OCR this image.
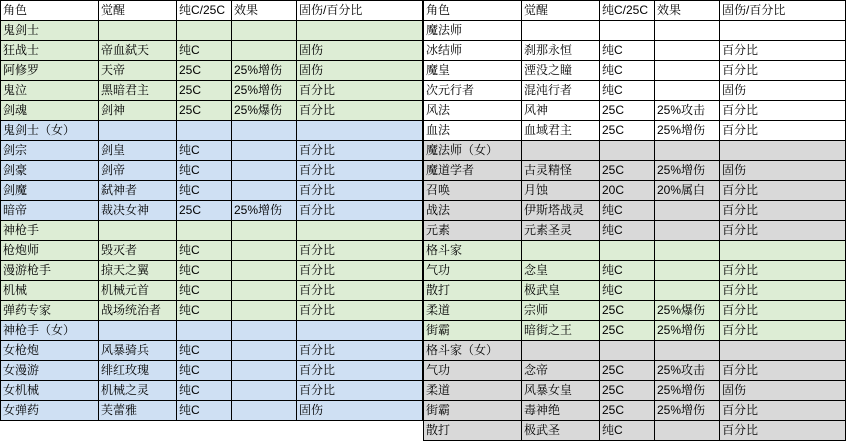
角色	觉醒	纯C/25C	效果	固伤/百分比
鬼剑士				
狂战士	帝血弑天	纯C		固伤
阿修罗	天帝	25C	25%增伤	固伤
鬼泣	黑暗君主	25C	25%增伤	百分比
剑魂	剑神	25C	25%爆伤	百分比
鬼剑士（女）				
剑宗	剑皇	纯C		百分比
剑豪	剑帝	纯C		百分比
剑魔	弑神者	纯C		百分比
暗帝	裁决女神	25C	25%增伤	百分比
神枪手				
枪炮师	毁灭者	纯C		百分比
漫游枪手	掠天之翼	纯C		百分比
机械	机械元首	纯C		百分比
弹药专家	战场统治者	纯C		百分比
神枪手（女）				
女枪炮	风暴骑兵	纯C		百分比
女漫游	绯红玫瑰	纯C		百分比
女机械	机械之灵	纯C		百分比
女弹药	芙蕾雅	纯C		固伤
角色	觉醒	纯C/25C	效果	固伤/百分比
魔法师				
冰结师	刹那永恒	纯C		百分比
魔皇	湮没之瞳	纯C		百分比
次元行者	混沌行者	纯C		固伤
风法	风神	25C	25%攻击	百分比
血法	血域君主	25C	25%增伤	百分比
魔法师（女）				
魔道学者	古灵精怪	25C	25%增伤	固伤
召唤	月蚀	20C	20%属白	百分比
战法	伊斯塔战灵	纯C		百分比
元素	元素圣灵	纯C		百分比
格斗家				
气功	念皇	纯C		百分比
散打	极武皇	纯C		百分比
柔道	宗师	25C	25%爆伤	百分比
街霸	暗街之王	25C	25%增伤	百分比
格斗家（女）				
气功	念帝	25C	25%攻击	百分比
柔道	风暴女皇	25C	25%增伤	固伤
街霸	毒神绝	25C	25%增伤	百分比
散打	极武圣	纯C		百分比
